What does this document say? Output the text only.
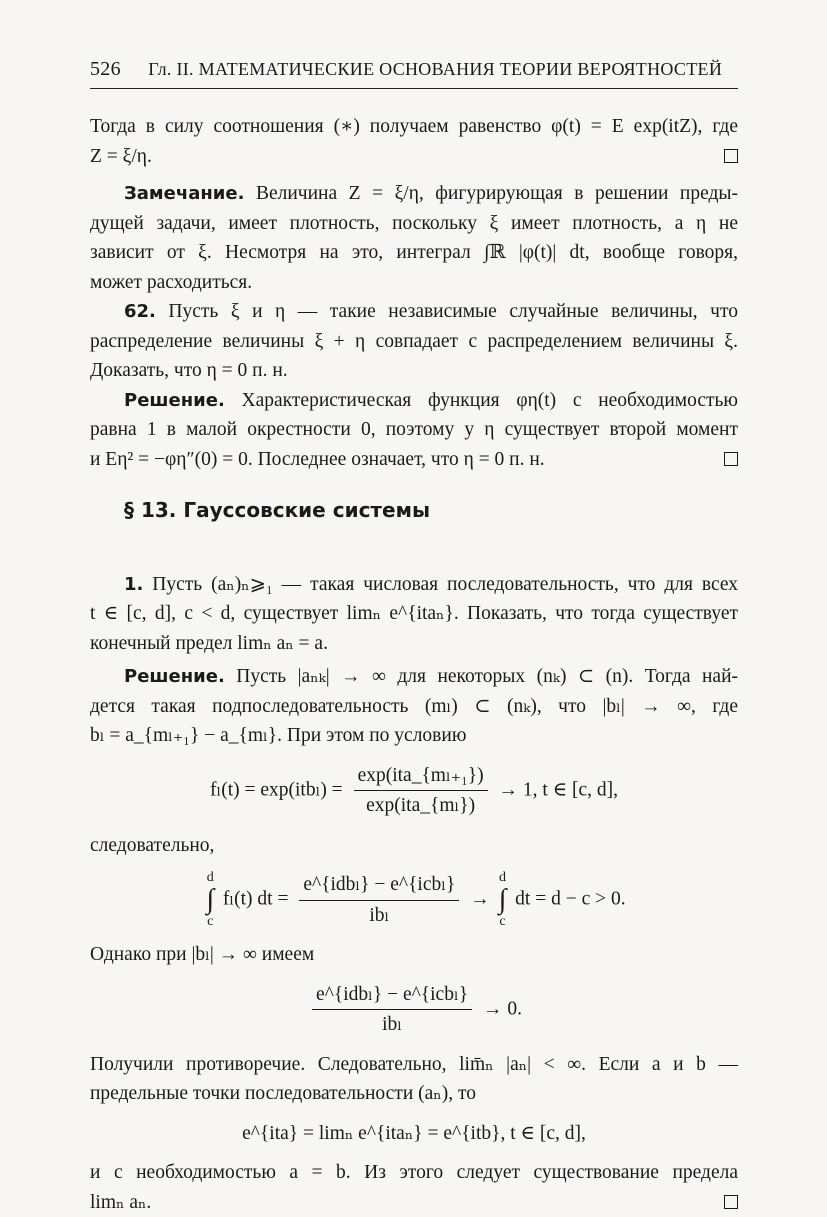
526 Гл. II. МАТЕМАТИЧЕСКИЕ ОСНОВАНИЯ ТЕОРИИ ВЕРОЯТНОСТЕЙ

Тогда в силу соотношения (∗) получаем равенство φ(t) = E exp(itZ), где
Z = ξ/η.

Замечание. Величина Z = ξ/η, фигурирующая в решении преды-
дущей задачи, имеет плотность, поскольку ξ имеет плотность, а η не
зависит от ξ. Несмотря на это, интеграл ∫ℝ |φ(t)| dt, вообще говоря,
может расходиться.

62. Пусть ξ и η — такие независимые случайные величины, что
распределение величины ξ + η совпадает с распределением величины ξ.
Доказать, что η = 0 п. н.

Решение. Характеристическая функция φη(t) с необходимостью
равна 1 в малой окрестности 0, поэтому у η существует второй момент
и Eη² = −φη″(0) = 0. Последнее означает, что η = 0 п. н.

§ 13. Гауссовские системы

1. Пусть (aₙ)ₙ⩾₁ — такая числовая последовательность, что для всех
t ∈ [c, d], c < d, существует limₙ e^{itaₙ}. Показать, что тогда существует
конечный предел limₙ aₙ = a.

Решение. Пусть |aₙₖ| → ∞ для некоторых (nₖ) ⊂ (n). Тогда най-
дется такая подпоследовательность (mₗ) ⊂ (nₖ), что |bₗ| → ∞, где
bₗ = a_{mₗ₊₁} − a_{mₗ}. При этом по условию

$f_l(t) = \exp(itb_l) = \frac{\text{exp(ita\_\{mₗ₊₁\})}}{\text{exp(ita\_\{mₗ\})}} \to 1$, t ∈ [c, d],

следовательно,

d
∫
c fₗ(t) dt = $\frac{\text{e\textasciicircum{}\{idbₗ\} − e\textasciicircum{}\{icbₗ\}}}{\text{ibₗ}} \to d$
∫
c dt = d − c > 0.

Однако при |bₗ| → ∞ имеем

$\frac{\text{e\textasciicircum{}\{idbₗ\} − e\textasciicircum{}\{icbₗ\}}}{\text{ibₗ}} \to 0$.

Получили противоречие. Следовательно, lim̄ₙ |aₙ| < ∞. Если a и b —
предельные точки последовательности (aₙ), то

e^{ita} = limₙ e^{itaₙ} = e^{itb}, t ∈ [c, d],

и с необходимостью a = b. Из этого следует существование предела
limₙ aₙ.
